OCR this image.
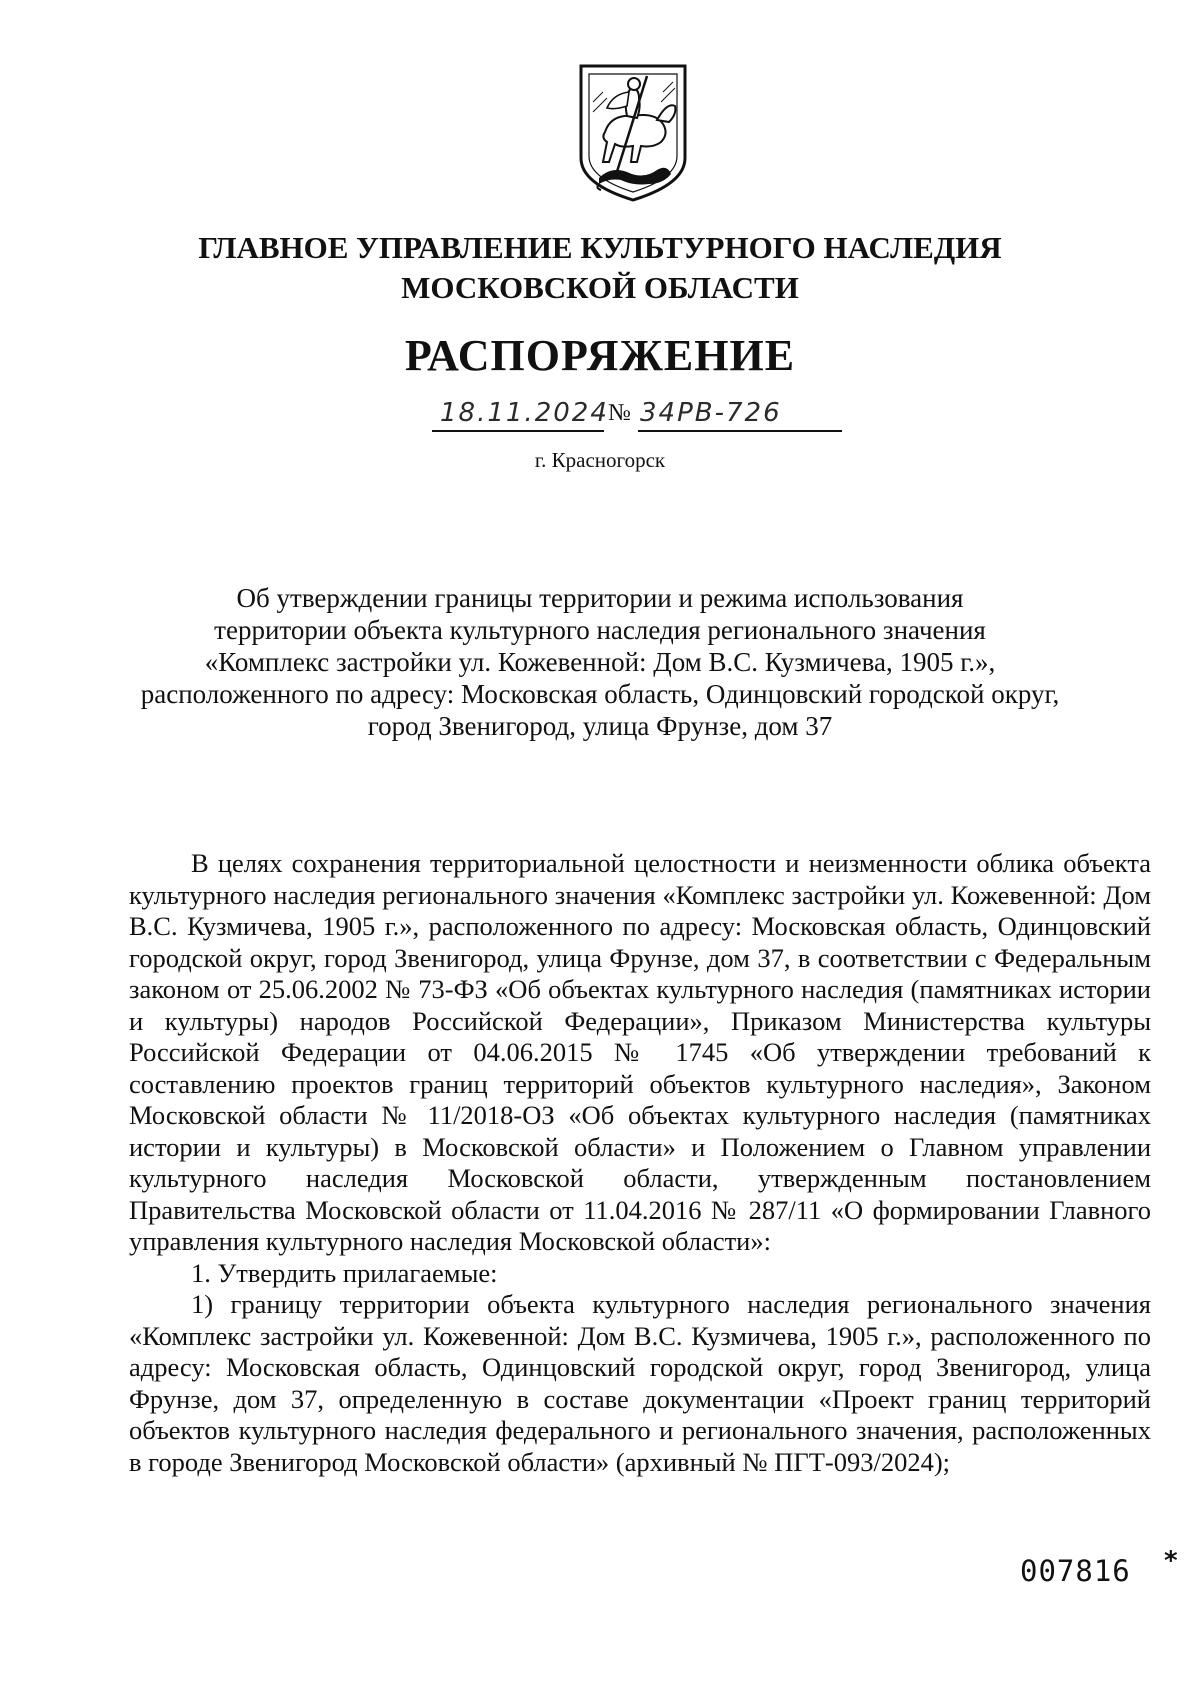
ГЛАВНОЕ УПРАВЛЕНИЕ КУЛЬТУРНОГО НАСЛЕДИЯ
МОСКОВСКОЙ ОБЛАСТИ
РАСПОРЯЖЕНИЕ
18.11.2024 № 34РВ-726
г. Красногорск
Об утверждении границы территории и режима использования
территории объекта культурного наследия регионального значения
«Комплекс застройки ул. Кожевенной: Дом В.С. Кузмичева, 1905 г.»,
расположенного по адресу: Московская область, Одинцовский городской округ,
город Звенигород, улица Фрунзе, дом 37

В целях сохранения территориальной целостности и неизменности облика объекта культурного наследия регионального значения «Комплекс застройки ул. Кожевенной: Дом В.С. Кузмичева, 1905 г.», расположенного по адресу: Московская область, Одинцовский городской округ, город Звенигород, улица Фрунзе, дом 37, в соответствии с Федеральным законом от 25.06.2002 № 73-ФЗ «Об объектах культурного наследия (памятниках истории и культуры) народов Российской Федерации», Приказом Министерства культуры Российской Федерации от 04.06.2015 № 1745 «Об утверждении требований к составлению проектов границ территорий объектов культурного наследия», Законом Московской области № 11/2018-ОЗ «Об объектах культурного наследия (памятниках истории и культуры) в Московской области» и Положением о Главном управлении культурного наследия Московской области, утвержденным постановлением Правительства Московской области от 11.04.2016 № 287/11 «О формировании Главного управления культурного наследия Московской области»:

1. Утвердить прилагаемые:

1) границу территории объекта культурного наследия регионального значения «Комплекс застройки ул. Кожевенной: Дом В.С. Кузмичева, 1905 г.», расположенного по адресу: Московская область, Одинцовский городской округ, город Звенигород, улица Фрунзе, дом 37, определенную в составе документации «Проект границ территорий объектов культурного наследия федерального и регионального значения, расположенных в городе Звенигород Московской области» (архивный № ПГТ-093/2024);

007816 *
